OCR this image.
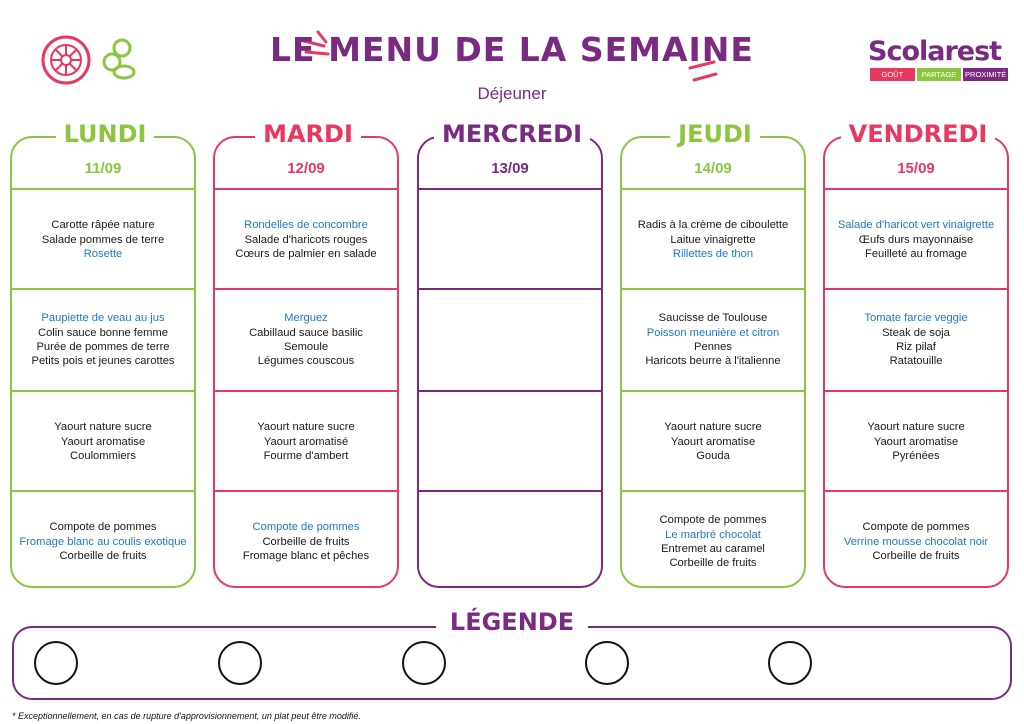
LE MENU DE LA SEMAINE
Déjeuner
Scolarest
GOÛT	PARTAGE	PROXIMITÉ
LUNDI
11/09
Carotte râpée nature
Salade pommes de terre
Rosette
Paupiette de veau au jus
Colin sauce bonne femme
Purée de pommes de terre
Petits pois et jeunes carottes
Yaourt nature sucre
Yaourt aromatise
Coulommiers
Compote de pommes
Fromage blanc au coulis exotique
Corbeille de fruits
MARDI
12/09
Rondelles de concombre
Salade d'haricots rouges
Cœurs de palmier en salade
Merguez
Cabillaud sauce basilic
Semoule
Légumes couscous
Yaourt nature sucre
Yaourt aromatisé
Fourme d'ambert
Compote de pommes
Corbeille de fruits
Fromage blanc et pêches
MERCREDI
13/09
JEUDI
14/09
Radis à la crème de ciboulette
Laitue vinaigrette
Rillettes de thon
Saucisse de Toulouse
Poisson meunière et citron
Pennes
Haricots beurre à l'italienne
Yaourt nature sucre
Yaourt aromatise
Gouda
Compote de pommes
Le marbré chocolat
Entremet au caramel
Corbeille de fruits
VENDREDI
15/09
Salade d'haricot vert vinaigrette
Œufs durs mayonnaise
Feuilleté au fromage
Tomate farcie veggie
Steak de soja
Riz pilaf
Ratatouille
Yaourt nature sucre
Yaourt aromatise
Pyrénées
Compote de pommes
Verrine mousse chocolat noir
Corbeille de fruits
LÉGENDE
* Exceptionnellement, en cas de rupture d'approvisionnement, un plat peut être modifié.
